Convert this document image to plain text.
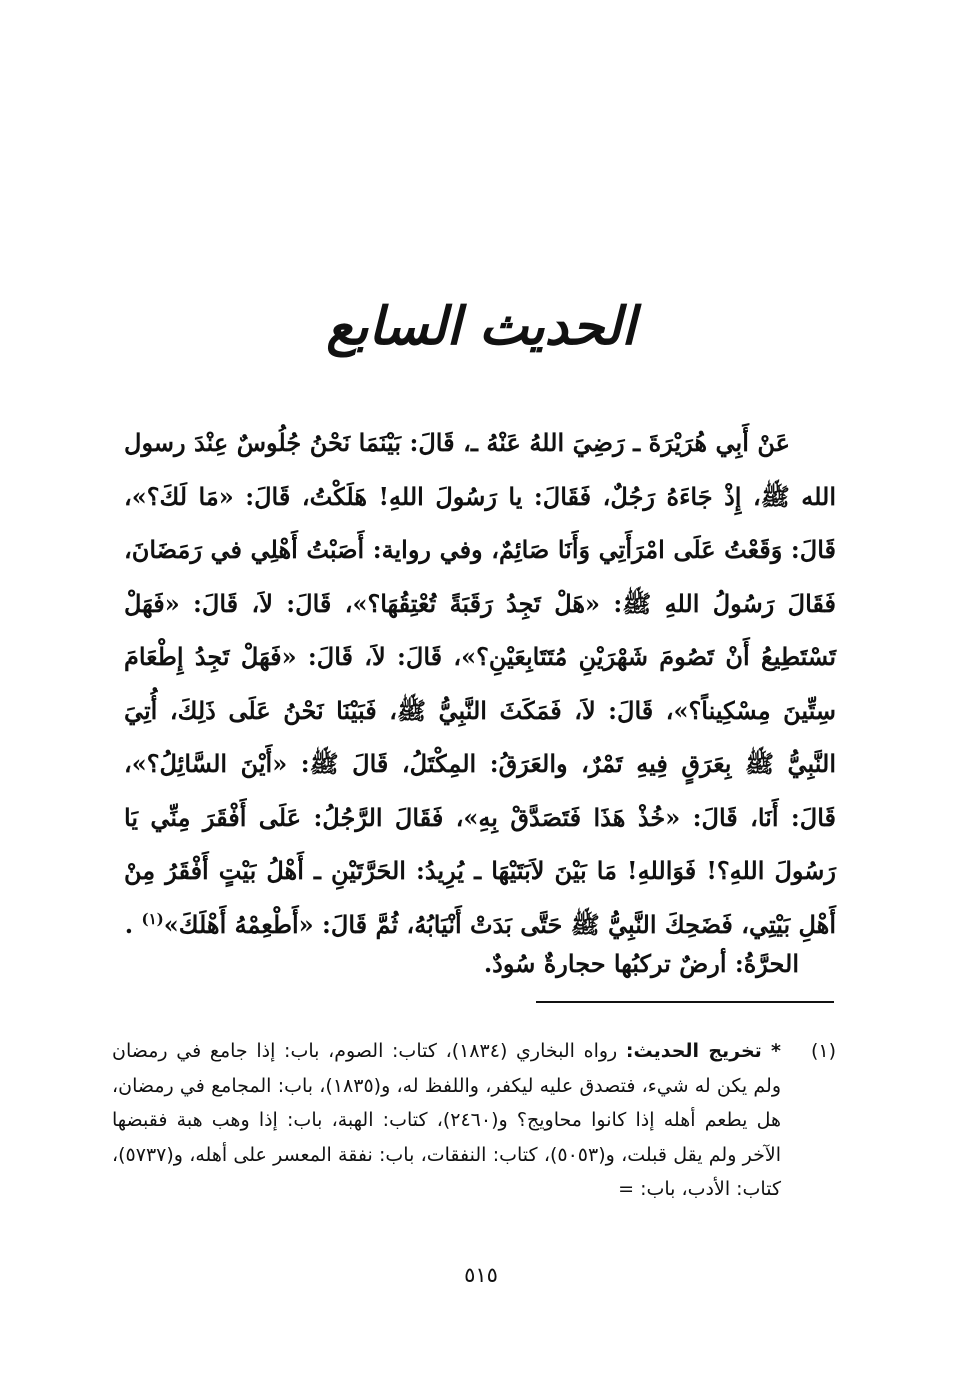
الحديث السابع

عَنْ أَبِي هُرَيْرَةَ ـ رَضِيَ اللهُ عَنْهُ ـ، قَالَ: بَيْنَمَا نَحْنُ جُلُوسٌ عِنْدَ رسول الله ﷺ، إِذْ جَاءَهُ رَجُلٌ، فَقَالَ: يا رَسُولَ اللهِ! هَلَكْتُ، قَالَ: «مَا لَكَ؟»، قَالَ: وَقَعْتُ عَلَى امْرَأَتِي وَأَنَا صَائِمٌ، وفي رواية: أَصَبْتُ أَهْلِي في رَمَضَانَ، فَقَالَ رَسُولُ اللهِ ﷺ: «هَلْ تَجِدُ رَقَبَةً تُعْتِقُهَا؟»، قَالَ: لاَ، قَالَ: «فَهَلْ تَسْتَطِيعُ أَنْ تَصُومَ شَهْرَيْنِ مُتَتَابِعَيْنِ؟»، قَالَ: لاَ، قَالَ: «فَهَلْ تَجِدُ إِطْعَامَ سِتِّينَ مِسْكِيناً؟»، قَالَ: لاَ، فَمَكَثَ النَّبِيُّ ﷺ، فَبَيْنَا نَحْنُ عَلَى ذَلِكَ، أُتِيَ النَّبِيُّ ﷺ بِعَرَقٍ فِيهِ تَمْرٌ، والعَرَقُ: المِكْتَلُ، قَالَ ﷺ: «أَيْنَ السَّائِلُ؟»، قَالَ: أَنَا، قَالَ: «خُذْ هَذَا فَتَصَدَّقْ بِهِ»، فَقَالَ الرَّجُلُ: عَلَى أَفْقَرَ مِنِّي يَا رَسُولَ اللهِ؟! فَوَاللهِ! مَا بَيْنَ لاَبَتَيْهَا ـ يُرِيدُ: الحَرَّتَيْنِ ـ أَهْلُ بَيْتٍ أَفْقَرُ مِنْ أَهْلِ بَيْتِي، فَضَحِكَ النَّبِيُّ ﷺ حَتَّى بَدَتْ أَنْيَابُهُ، ثُمَّ قَالَ: «أَطْعِمْهُ أَهْلَكَ»$^{(١)}$ .

الحرَّةُ: أرضٌ تركبُها حجارةٌ سُودٌ.

(١)

* تخريج الحديث: رواه البخاري (١٨٣٤)، كتاب: الصوم، باب: إذا جامع في رمضان ولم يكن له شيء، فتصدق عليه ليكفر، واللفظ له، و(١٨٣٥)، باب: المجامع في رمضان، هل يطعم أهله إذا كانوا محاويج؟ و(٢٤٦٠)، كتاب: الهبة، باب: إذا وهب هبة فقبضها الآخر ولم يقل قبلت، و(٥٠٥٣)، كتاب: النفقات، باب: نفقة المعسر على أهله، و(٥٧٣٧)، كتاب: الأدب، باب: =

٥١٥
